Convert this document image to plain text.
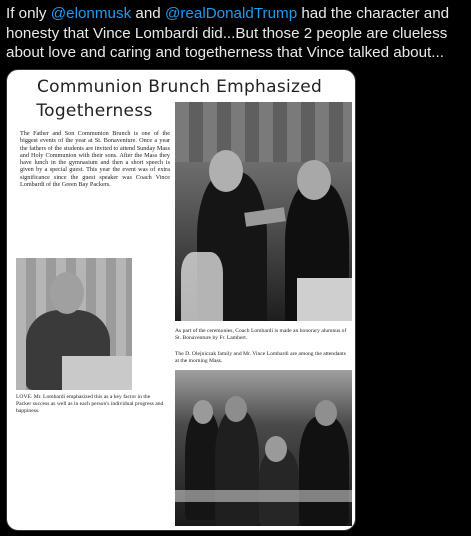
If only @elonmusk and @realDonaldTrump had the character and honesty that Vince Lombardi did...But those 2 people are clueless about love and caring and togetherness that Vince talked about...
Communion Brunch Emphasized
Togetherness
The Father and Son Communion Brunch is one of the biggest events of the year at St. Bonaventure. Once a year the fathers of the students are invited to attend Sunday Mass and Holy Communion with their sons. After the Mass they have lunch in the gymnasium and then a short speech is given by a special guest. This year the event was of extra significance since the guest speaker was Coach Vince Lombardi of the Green Bay Packers.
As part of the ceremonies, Coach Lombardi is made an honorary alumnus of St. Bonaventure by Fr. Lambert.
LOVE. Mr. Lombardi emphasized this as a key factor in the Packer success as well as in each person's individual progress and happiness.
The D. Olejniczak family and Mr. Vince Lombardi are among the attendants at the morning Mass.
